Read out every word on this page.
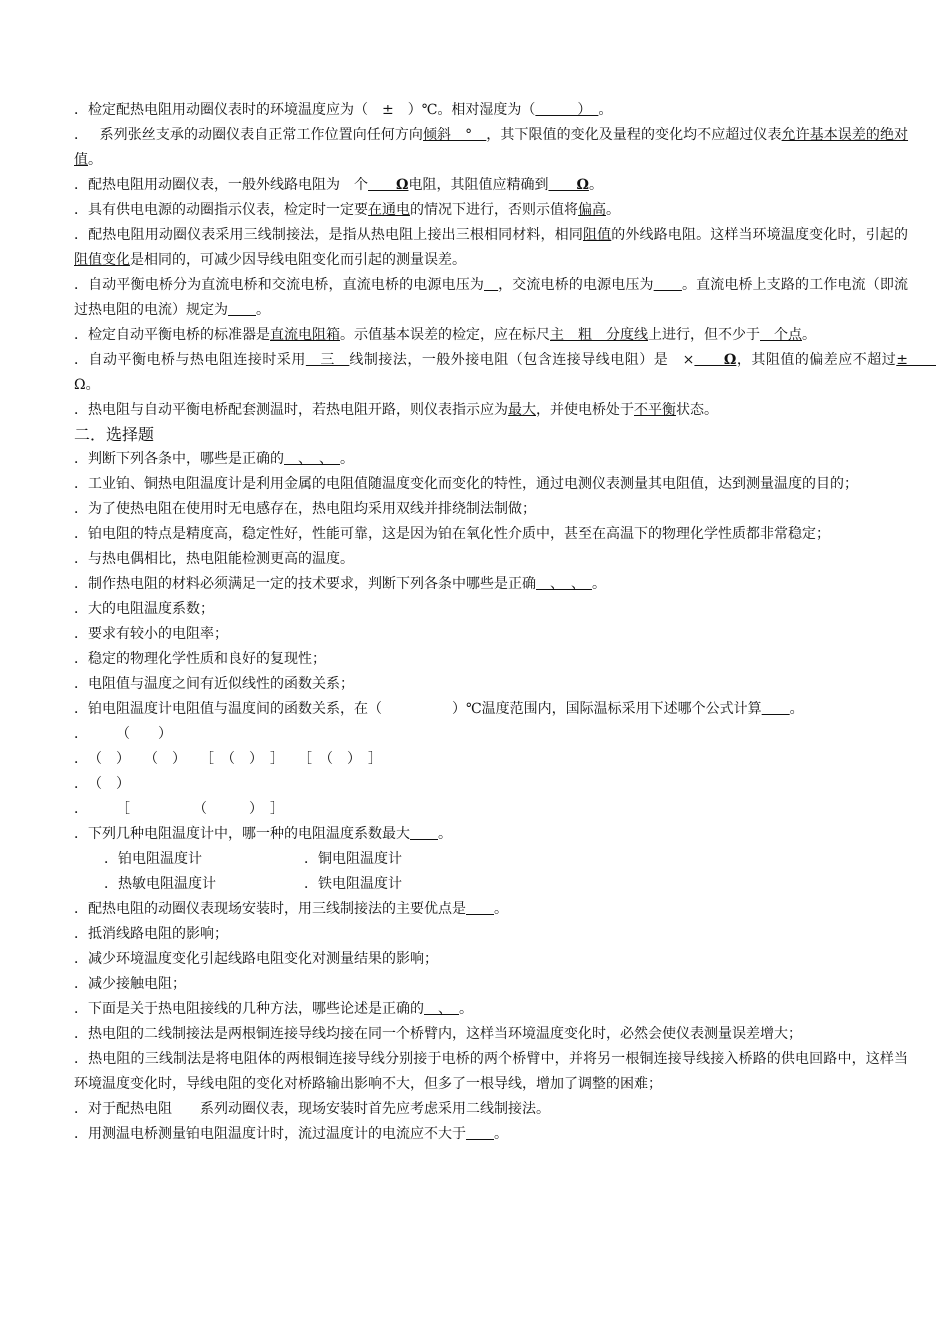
．检定配热电阻用动圈仪表时的环境温度应为（　±　）℃。相对湿度为（　　　）　。

．　 系列张丝支承的动圈仪表自正常工作位置向任何方向倾斜　°　，其下限值的变化及量程的变化均不应超过仪表允许基本误差的绝对值。

．配热电阻用动圈仪表，一般外线路电阻为　个　　Ω电阻，其阻值应精确到　　Ω。

．具有供电电源的动圈指示仪表，检定时一定要在通电的情况下进行，否则示值将偏高。

．配热电阻用动圈仪表采用三线制接法，是指从热电阻上接出三根相同材料，相同阻值的外线路电阻。这样当环境温度变化时，引起的阻值变化是相同的，可减少因导线电阻变化而引起的测量误差。

．自动平衡电桥分为直流电桥和交流电桥，直流电桥的电源电压为　 ，交流电桥的电源电压为　　 。直流电桥上支路的工作电流（即流过热电阻的电流）规定为　　 。

．检定自动平衡电桥的标准器是直流电阻箱。示值基本误差的检定，应在标尺主　粗　分度线上进行，但不少于　个点。

．自动平衡电桥与热电阻连接时采用　三　线制接法，一般外接电阻（包含连接导线电阻）是　×　　Ω，其阻值的偏差应不超过±　　Ω。

．热电阻与自动平衡电桥配套测温时，若热电阻开路，则仪表指示应为最大，并使电桥处于不平衡状态。

二．选择题

．判断下列各条中，哪些是正确的　、　、　。

．工业铂、铜热电阻温度计是利用金属的电阻值随温度变化而变化的特性，通过电测仪表测量其电阻值，达到测量温度的目的；

．为了使热电阻在使用时无电感存在，热电阻均采用双线并排绕制法制做；

．铂电阻的特点是精度高，稳定性好，性能可靠，这是因为铂在氧化性介质中，甚至在高温下的物理化学性质都非常稳定；

．与热电偶相比，热电阻能检测更高的温度。

．制作热电阻的材料必须满足一定的技术要求，判断下列各条中哪些是正确　、　、　。

．大的电阻温度系数；

．要求有较小的电阻率；

．稳定的物理化学性质和良好的复现性；

．电阻值与温度之间有近似线性的函数关系；

．铂电阻温度计电阻值与温度间的函数关系，在（　　　　　）℃温度范围内，国际温标采用下述哪个公式计算　　 。

．　　　（　　）

．　（　）　　（　）　　［　（　）　］　　［　（　）　］

．　（　）

．　　　［　　　　　（　　　）　］

．下列几种电阻温度计中，哪一种的电阻温度系数最大　　 。

．铂电阻温度计	．铜电阻温度计
．热敏电阻温度计	．铁电阻温度计

．配热电阻的动圈仪表现场安装时，用三线制接法的主要优点是　　 。

．抵消线路电阻的影响；

．减少环境温度变化引起线路电阻变化对测量结果的影响；

．减少接触电阻；

．下面是关于热电阻接线的几种方法，哪些论述是正确的　、　。

．热电阻的二线制接法是两根铜连接导线均接在同一个桥臂内，这样当环境温度变化时，必然会使仪表测量误差增大；

．热电阻的三线制法是将电阻体的两根铜连接导线分别接于电桥的两个桥臂中，并将另一根铜连接导线接入桥路的供电回路中，这样当环境温度变化时，导线电阻的变化对桥路输出影响不大，但多了一根导线，增加了调整的困难；

．对于配热电阻　　系列动圈仪表，现场安装时首先应考虑采用二线制接法。

．用测温电桥测量铂电阻温度计时，流过温度计的电流应不大于　　 。
